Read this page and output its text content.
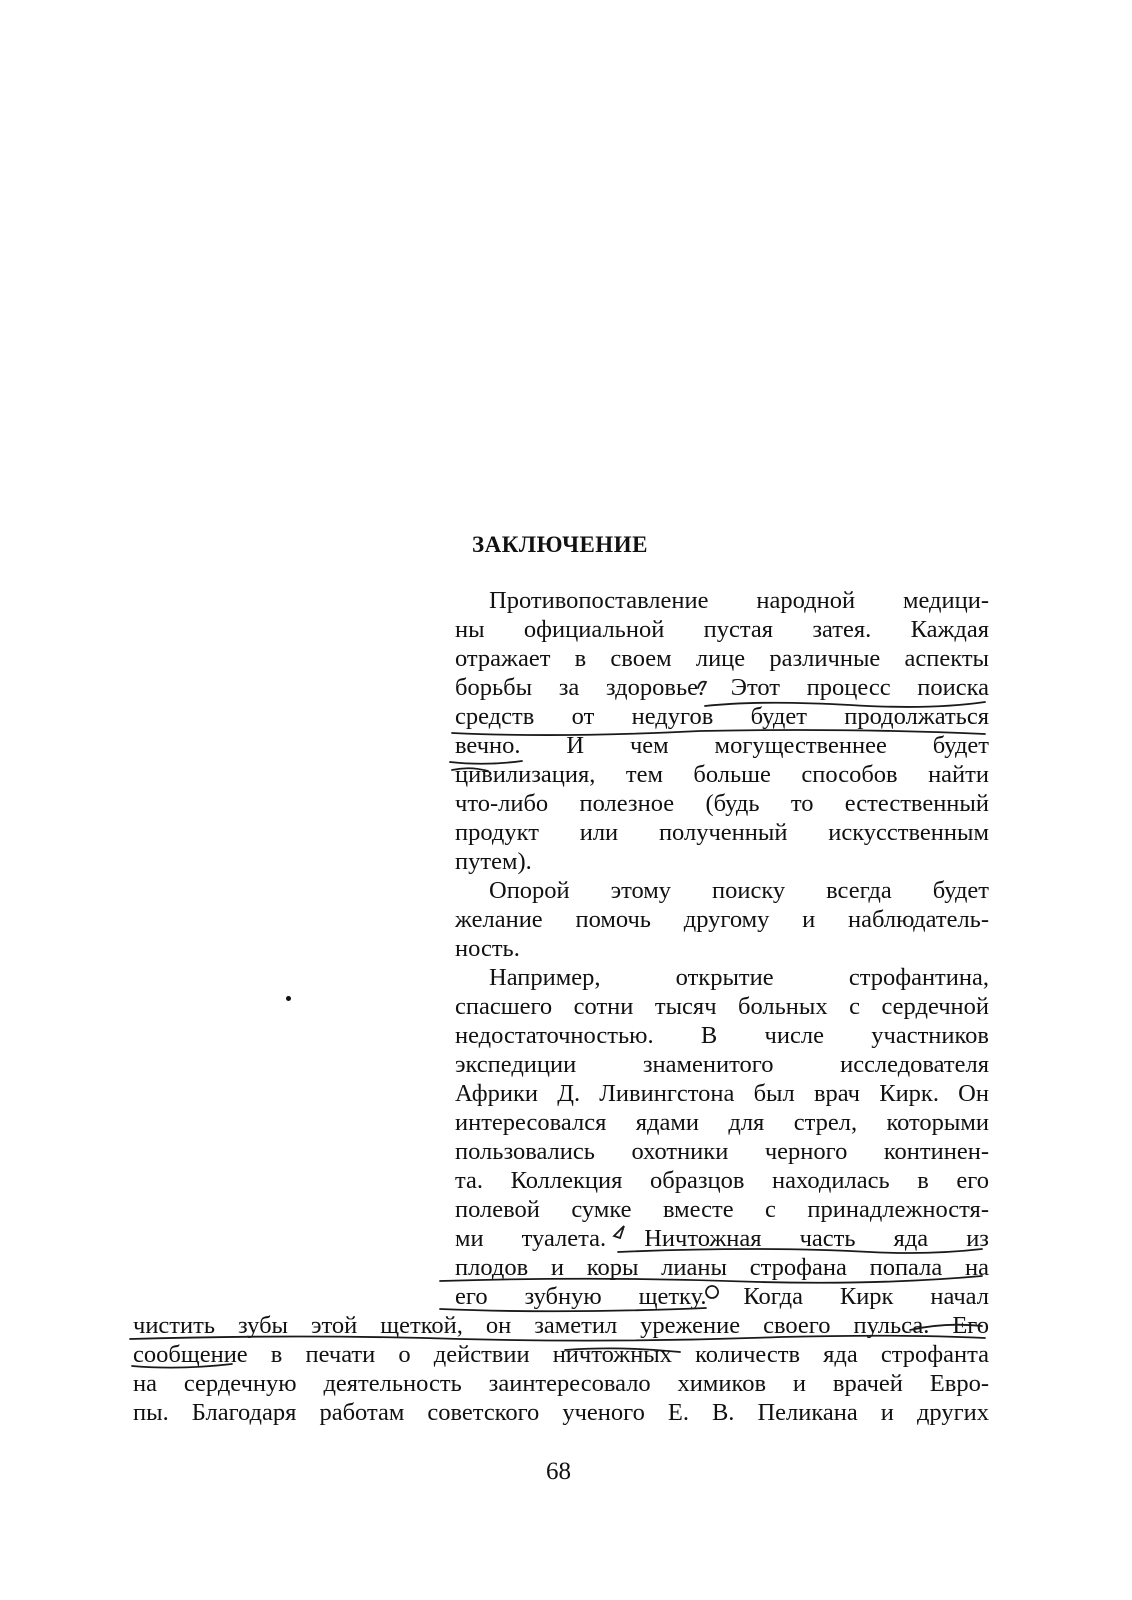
ЗАКЛЮЧЕНИЕ

Противопоставление народной медици-

ны официальной пустая затея. Каждая

отражает в своем лице различные аспекты

борьбы за здоровье. Этот процесс поиска

средств от недугов будет продолжаться

вечно. И чем могущественнее будет

цивилизация, тем больше способов найти

что-либо полезное (будь то естественный

продукт или полученный искусственным

путем).

Опорой этому поиску всегда будет

желание помочь другому и наблюдатель-

ность.

Например, открытие строфантина,

спасшего сотни тысяч больных с сердечной

недостаточностью. В числе участников

экспедиции знаменитого исследователя

Африки Д. Ливингстона был врач Кирк. Он

интересовался ядами для стрел, которыми

пользовались охотники черного континен-

та. Коллекция образцов находилась в его

полевой сумке вместе с принадлежностя-

ми туалета. Ничтожная часть яда из

плодов и коры лианы строфана попала на

его зубную щетку. Когда Кирк начал

чистить зубы этой щеткой, он заметил урежение своего пульса. Его

сообщение в печати о действии ничтожных количеств яда строфанта

на сердечную деятельность заинтересовало химиков и врачей Евро-

пы. Благодаря работам советского ученого Е. В. Пеликана и других

68
